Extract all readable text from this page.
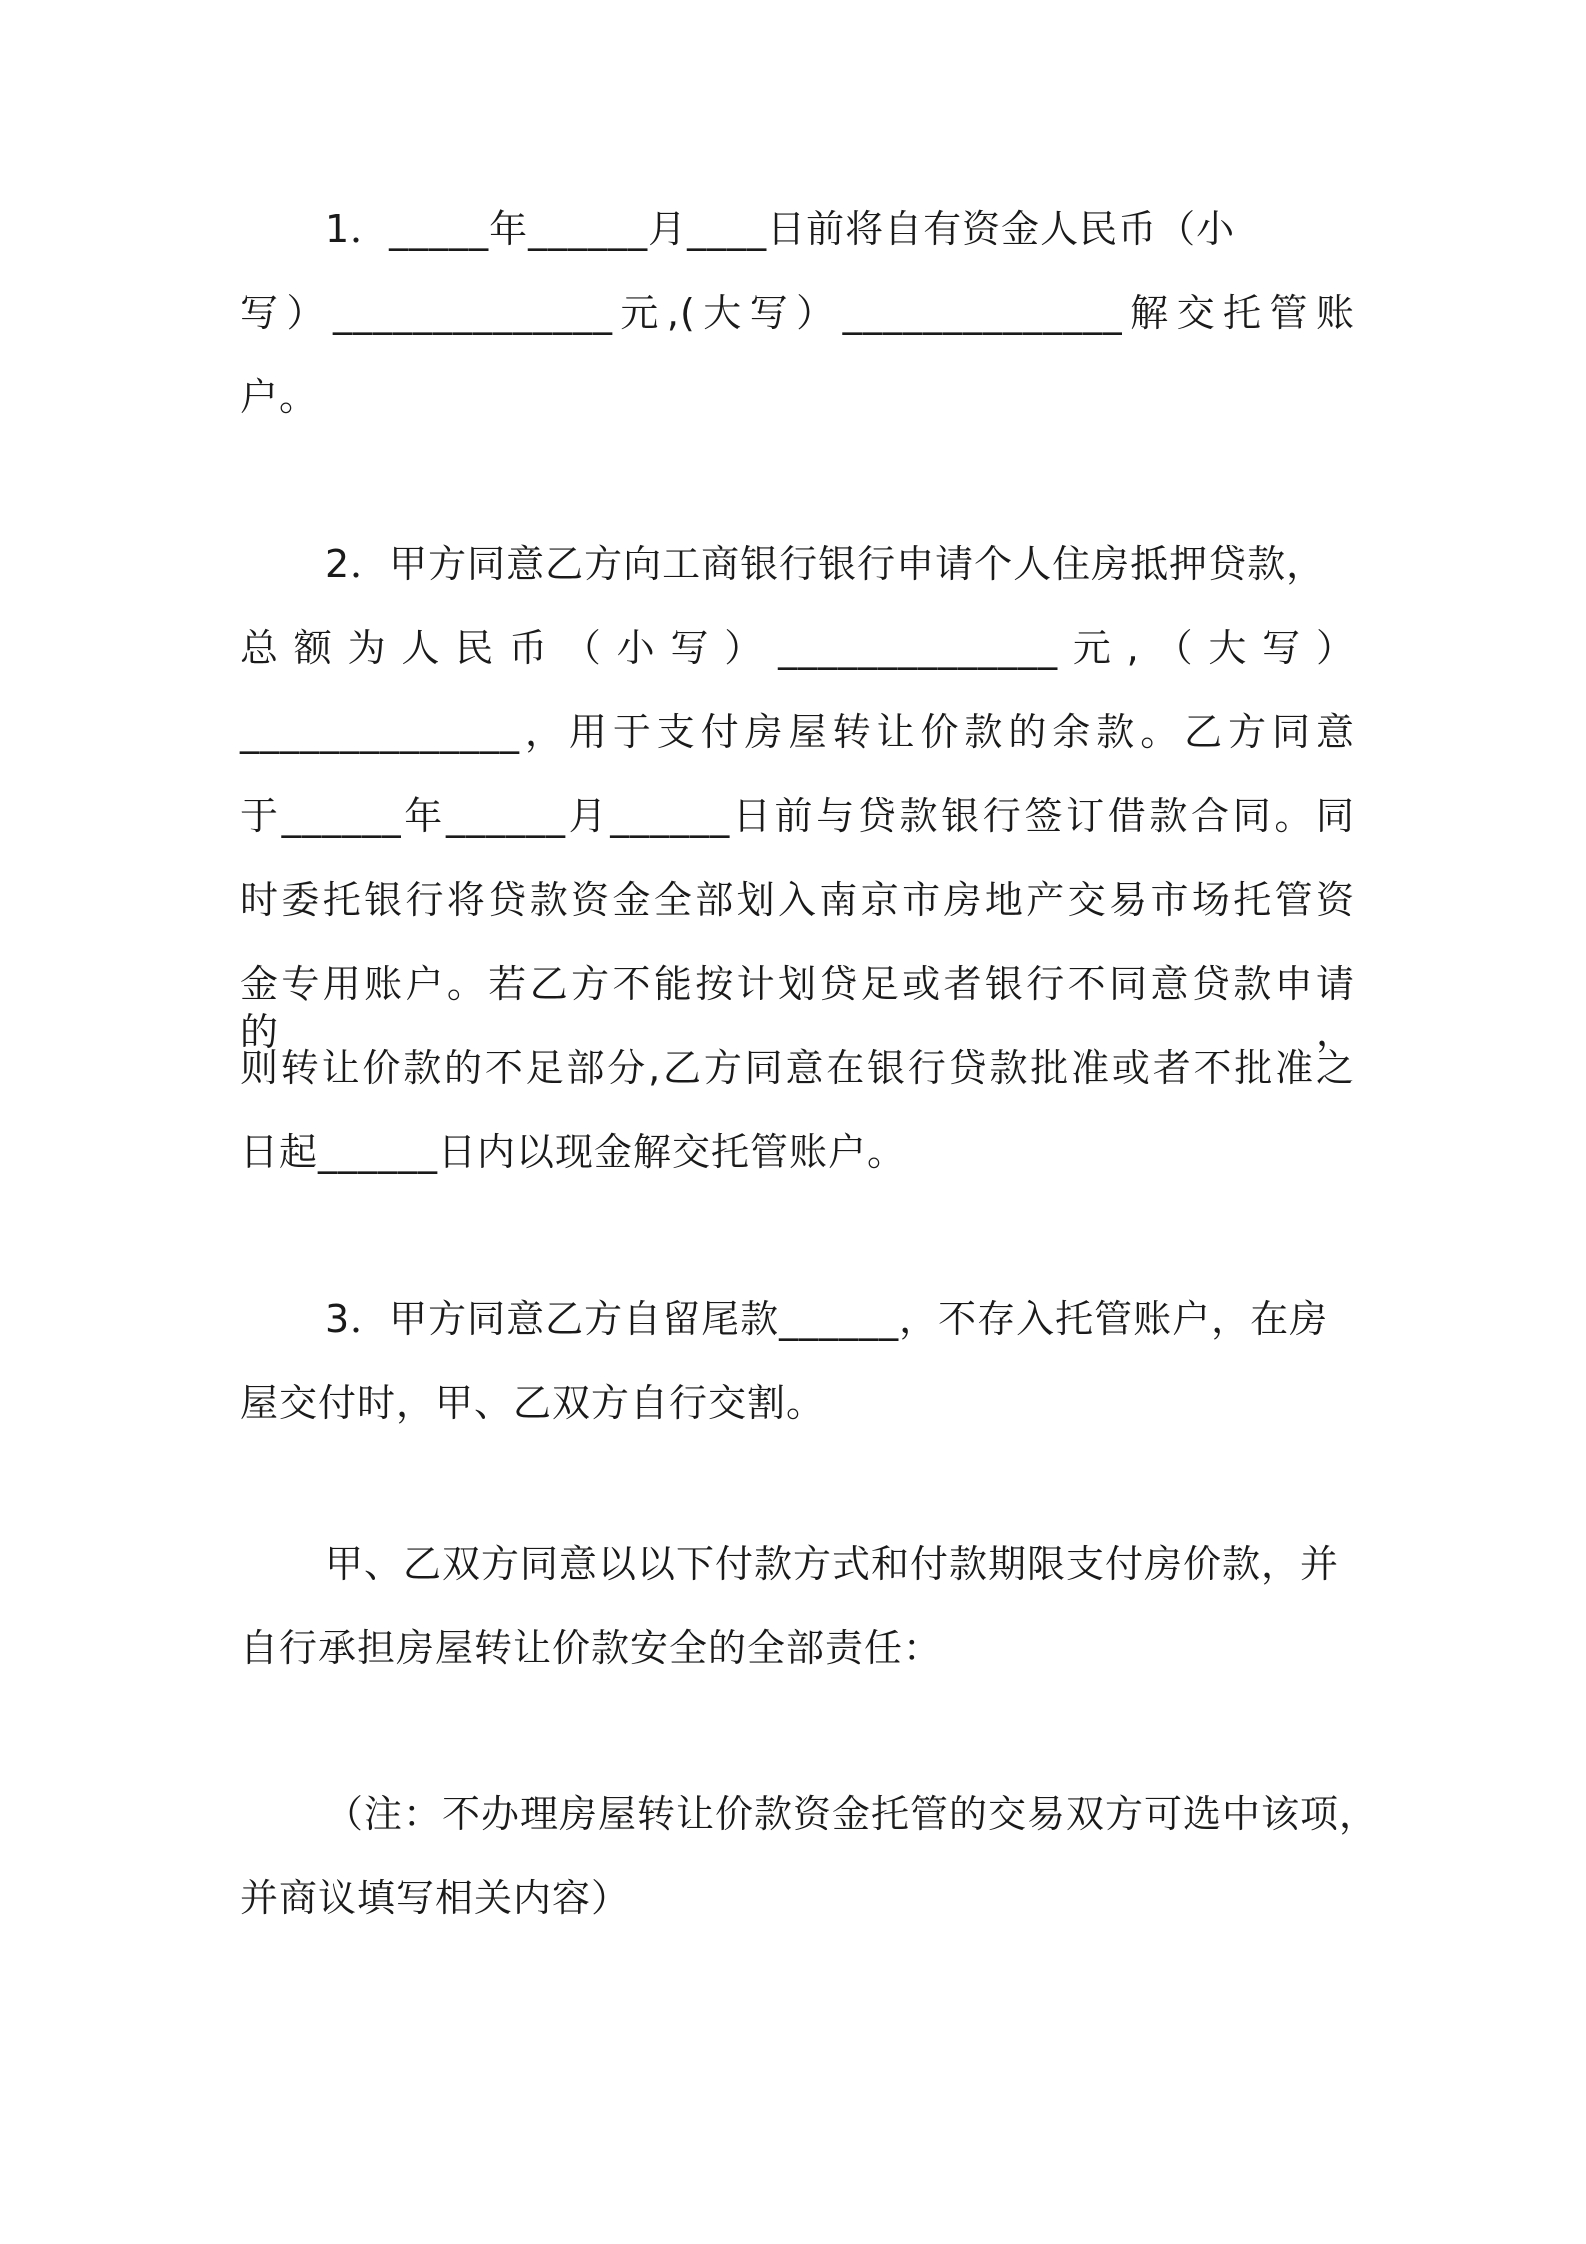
1．_____年______月____日前将自有资金人民币（小
写）______________元,(大写）______________解交托管账
户。
2．甲方同意乙方向工商银行银行申请个人住房抵押贷款，
总额为人民币（小写）______________元,（大写）
______________，用于支付房屋转让价款的余款。乙方同意
于______年______月______日前与贷款银行签订借款合同。同
时委托银行将贷款资金全部划入南京市房地产交易市场托管资
金专用账户。若乙方不能按计划贷足或者银行不同意贷款申请的，
则转让价款的不足部分,乙方同意在银行贷款批准或者不批准之
日起______日内以现金解交托管账户。
3．甲方同意乙方自留尾款______，不存入托管账户，在房
屋交付时，甲、乙双方自行交割。
甲、乙双方同意以以下付款方式和付款期限支付房价款，并
自行承担房屋转让价款安全的全部责任：
（注：不办理房屋转让价款资金托管的交易双方可选中该项，
并商议填写相关内容）
